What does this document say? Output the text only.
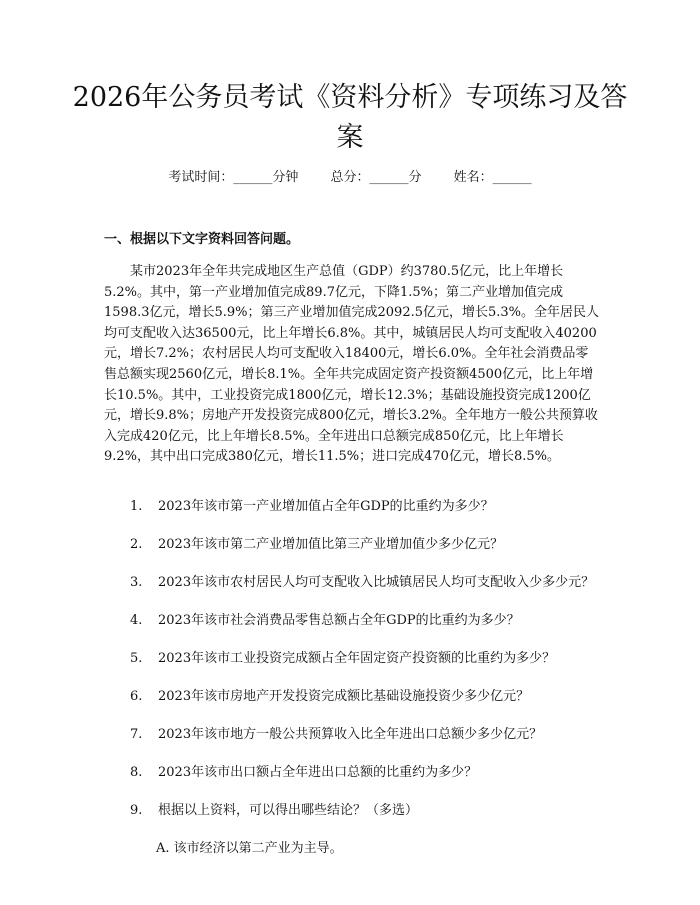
2026年公务员考试《资料分析》专项练习及答案
考试时间：______分钟 总分：______分 姓名：______
一、根据以下文字资料回答问题。

某市2023年全年共完成地区生产总值（GDP）约3780.5亿元，比上年增长5.2%。其中，第一产业增加值完成89.7亿元，下降1.5%；第二产业增加值完成1598.3亿元，增长5.9%；第三产业增加值完成2092.5亿元，增长5.3%。全年居民人均可支配收入达36500元，比上年增长6.8%。其中，城镇居民人均可支配收入40200元，增长7.2%；农村居民人均可支配收入18400元，增长6.0%。全年社会消费品零售总额实现2560亿元，增长8.1%。全年共完成固定资产投资额4500亿元，比上年增长10.5%。其中，工业投资完成1800亿元，增长12.3%；基础设施投资完成1200亿元，增长9.8%；房地产开发投资完成800亿元，增长3.2%。全年地方一般公共预算收入完成420亿元，比上年增长8.5%。全年进出口总额完成850亿元，比上年增长9.2%，其中出口完成380亿元，增长11.5%；进口完成470亿元，增长8.5%。

1. 2023年该市第一产业增加值占全年GDP的比重约为多少？
2. 2023年该市第二产业增加值比第三产业增加值少多少亿元？
3. 2023年该市农村居民人均可支配收入比城镇居民人均可支配收入少多少元？
4. 2023年该市社会消费品零售总额占全年GDP的比重约为多少？
5. 2023年该市工业投资完成额占全年固定资产投资额的比重约为多少？
6. 2023年该市房地产开发投资完成额比基础设施投资少多少亿元？
7. 2023年该市地方一般公共预算收入比全年进出口总额少多少亿元？
8. 2023年该市出口额占全年进出口总额的比重约为多少？
9. 根据以上资料，可以得出哪些结论？（多选）
A. 该市经济以第二产业为主导。
